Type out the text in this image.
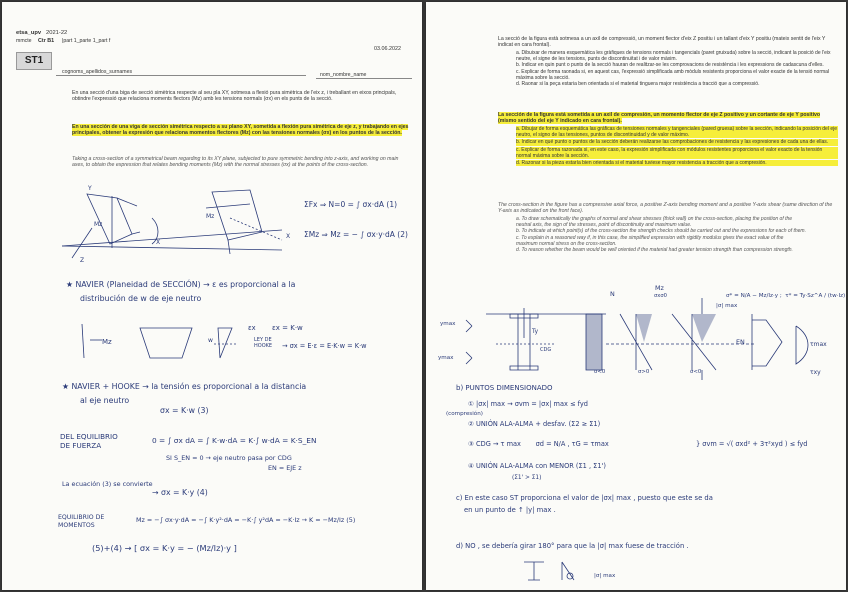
etsa_upv 2021-22
mmcte Ctr B1 |part 1_parte 1_part f
03.06.2022
ST1
cognoms_apellidos_surnames	nom_nombre_name

En una secció d'una biga de secció simètrica respecte al seu pla XY, sotmesa a flexió pura simètrica de l'eix z, i treballant en eixos principals, obtindre l'expressió que relaciona moments flectors (Mz) amb les tensions normals (σx) en els punts de la secció.

En una sección de una viga de sección simétrica respecto a su plano XY, sometida a flexión pura simétrica de eje z, y trabajando en ejes principales, obtener la expresión que relaciona momentos flectores (Mz) con las tensiones normales (σx) en los puntos de la sección.

Taking a cross-section of a symmetrical beam regarding to its XY plane, subjected to pure symmetric bending into z-axis, and working on main axes, to obtain the expression that relates bending moments (Mz) with the normal stresses (σx) at the points of the cross-section.

Mz
Mz
X
Z
Y
X
ΣFx ⇒ N=0 = ∫ σx·dA (1)
ΣMz ⇒ Mz = − ∫ σx·y·dA (2)
★ NAVIER (Planeidad de SECCIÓN) → ε es proporcional a la
distribución de w de eje neutro
Mz	w
εx εx = K·w
LEY DE
HOOKE → σx = E·ε = E·K·w = K·w
★ NAVIER + HOOKE → la tensión es proporcional a la distancia
al eje neutro
σx = K·w (3)
DEL EQUILIBRIO
DE FUERZA
0 = ∫ σx dA = ∫ K·w·dA = K·∫ w·dA = K·S_EN
SI S_EN = 0 → eje neutro pasa por CDG
EN = EJE z
La ecuación (3) se convierte
→ σx = K·y (4)
EQUILIBRIO DE
MOMENTOS
Mz = −∫ σx·y·dA = −∫ K·y²·dA = −K·∫ y²dA = −K·Iz → K = −Mz/Iz (5)
(5)+(4) → [ σx = K·y = − (Mz/Iz)·y ]

La secció de la figura està sotmesa a un axil de compressió, un moment flector d'eix Z positiu i un tallant d'eix Y positiu (mateix sentit de l'eix Y indicat en cara frontal).

a. Dibuixar de manera esquemàtica les gràfiques de tensions normals i tangencials (paret gruixuda) sobre la secció, indicant la posició de l'eix neutre, el signe de les tensions, punts de discontinuïtat i de valor màxim.
b. Indicar en quin punt o punts de la secció hauran de realitzar-se les comprovacions de resistència i les expressions de cadascuna d'elles.
c. Explicar de forma raonada si, en aquest cas, l'expressió simplificada amb mòduls resistents proporciona el valor exacte de la tensió normal màxima sobre la secció.
d. Raonar si la peça estaria ben orientada si el material tinguera major resistència a tracció que a compressió.

La sección de la figura está sometida a un axil de compresión, un momento flector de eje Z positivo y un cortante de eje Y positivo (mismo sentido del eje Y indicado en cara frontal).

a. Dibujar de forma esquemática las gráficas de tensiones normales y tangenciales (pared gruesa) sobre la sección, indicando la posición del eje neutro, el signo de las tensiones, puntos de discontinuidad y de valor máximo.
b. Indicar en qué punto o puntos de la sección deberán realizarse las comprobaciones de resistencia y las expresiones de cada una de ellas.
c. Explicar de forma razonada si, en este caso, la expresión simplificada con módulos resistentes proporciona el valor exacto de la tensión normal máxima sobre la sección.
d. Razonar si la pieza estaría bien orientada si el material tuviese mayor resistencia a tracción que a compresión.

The cross-section in the figure has a compressive axial force, a positive Z-axis bending moment and a positive Y-axis shear (same direction of the Y-axis as indicated on the front face).

a. To draw schematically the graphs of normal and shear stresses (thick wall) on the cross-section, placing the position of the neutral axis, the sign of the stresses, point of discontinuity and maximum value.
b. To indicate at which point(s) of the cross-section the strength checks should be carried out and the expressions for each of them.
c. To explain in a reasoned way if, in this case, the simplified expression with rigidity modulus gives the exact value of the maximum normal stress on the cross-section.
d. To reason whether the beam would be well oriented if the material had greater tension strength than compression strength.
σ* = N/A − Mz/Iz·y ;  τ* = Ty·Sz^A / (tw·Iz)
N
Mz
σxσ0
Ty
|σ| max
ymax
ymax
EN	τmax
τxy
CDG
σ<0	σ>0	σ<0
b) PUNTOS DIMENSIONADO
① |σx| max → σvm = |σx| max ≤ fyd
(compresión)
② UNIÓN ALA-ALMA + desfav. (Σ2 ≥ Σ1)
③ CDG → τ max       σd = N/A , τG = τmax	} σvm = √( σxd² + 3τ²xyd ) ≤ fyd
④ UNIÓN ALA-ALMA con MENOR (Σ1 , Σ1')
(Σ1' > Σ1)
c) En este caso ST proporciona el valor de |σx| max , puesto que este se da
en un punto de ↑ |y| max .
d) NO , se debería girar 180° para que la |σ| max fuese de tracción .
|σ| max
